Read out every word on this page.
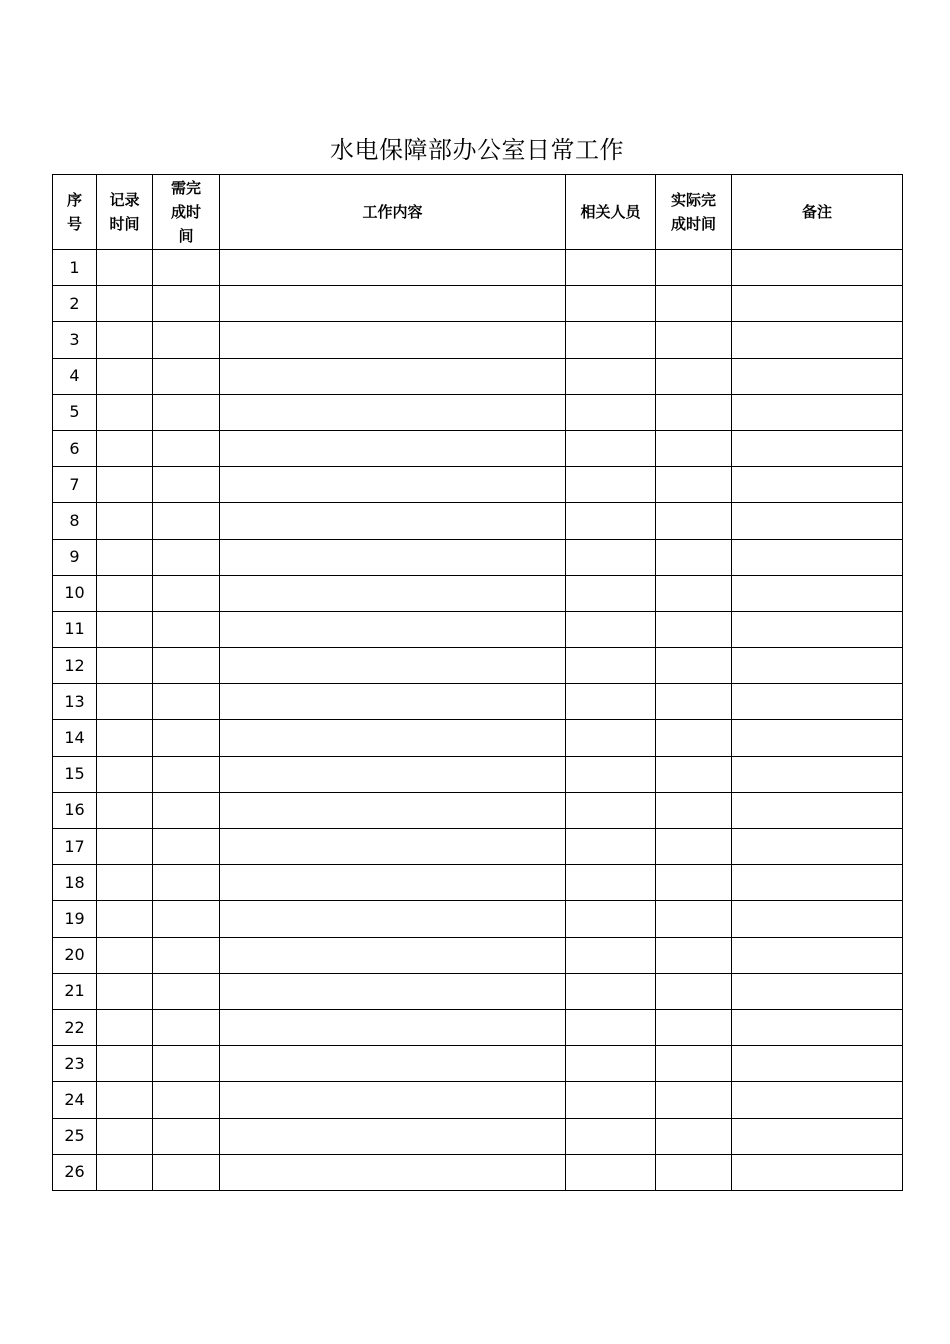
水电保障部办公室日常工作
序
号	记录
时间	需完
成时
间	工作内容	相关人员	实际完
成时间	备注
1						
2						
3						
4						
5						
6						
7						
8						
9						
10						
11						
12						
13						
14						
15						
16						
17						
18						
19						
20						
21						
22						
23						
24						
25						
26						
